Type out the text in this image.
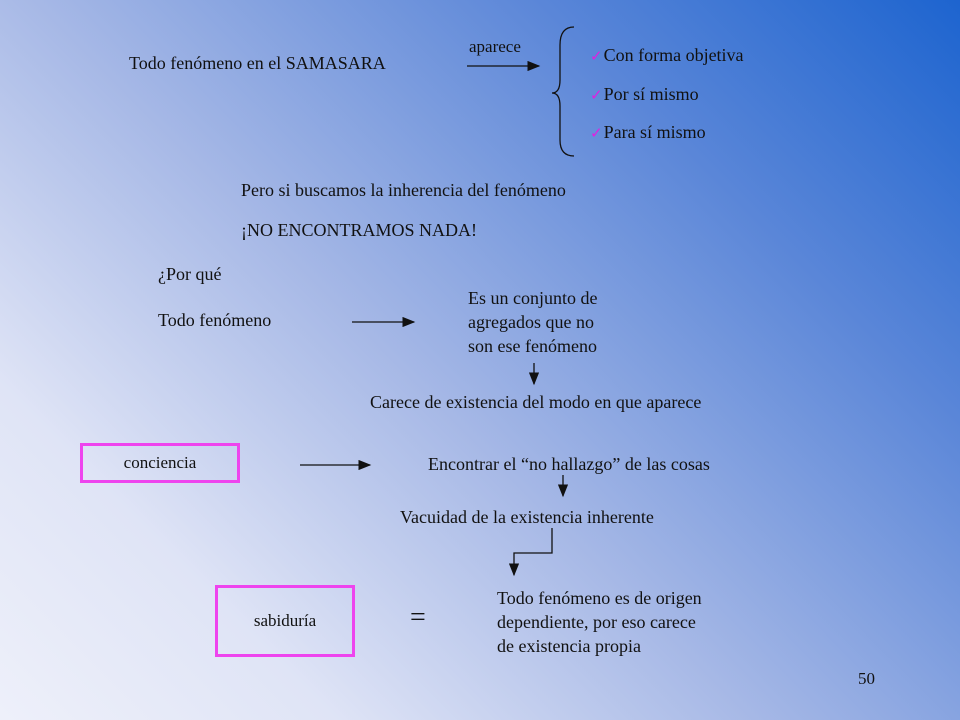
Todo fenómeno en el SAMASARA
aparece
✓Con forma objetiva
✓Por sí mismo
✓Para sí mismo
Pero si buscamos la inherencia del fenómeno
¡NO ENCONTRAMOS NADA!
¿Por qué
Todo fenómeno
Es un conjunto de
agregados que no
son ese fenómeno
Carece de existencia del modo en que aparece
conciencia	Encontrar el “no hallazgo” de las cosas
Vacuidad de la existencia inherente
sabiduría	=
Todo fenómeno es de origen
dependiente, por eso carece
de existencia propia
50
